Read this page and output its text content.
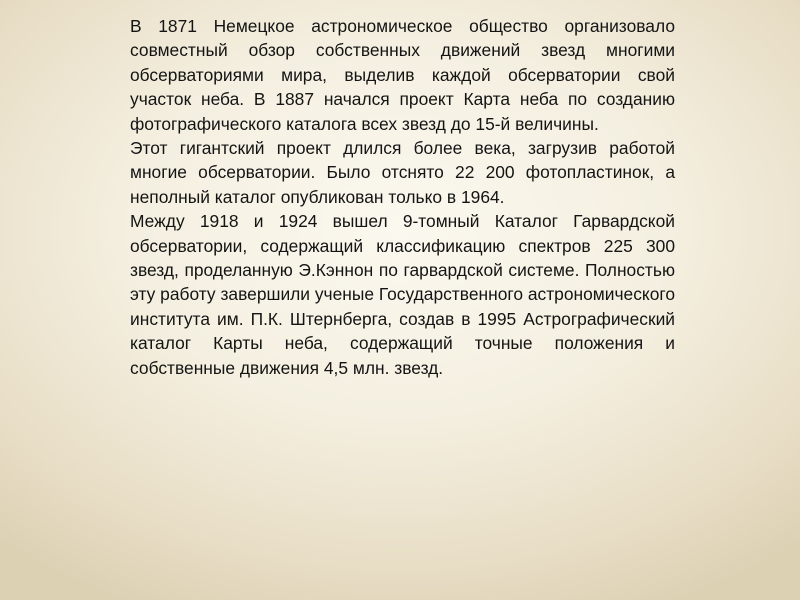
В 1871 Немецкое астрономическое общество организовало совместный обзор собственных движений звезд многими обсерваториями мира, выделив каждой обсерватории свой участок неба. В 1887 начался проект Карта неба по созданию фотографического каталога всех звезд до 15-й величины.

Этот гигантский проект длился более века, загрузив работой многие обсерватории. Было отснято 22 200 фотопластинок, а неполный каталог опубликован только в 1964.

Между 1918 и 1924 вышел 9-томный Каталог Гарвардской обсерватории, содержащий классификацию спектров 225 300 звезд, проделанную Э.Кэннон по гарвардской системе. Полностью эту работу завершили ученые Государственного астрономического института им. П.К. Штернберга, создав в 1995 Астрографический каталог Карты неба, содержащий точные положения и собственные движения 4,5 млн. звезд.
